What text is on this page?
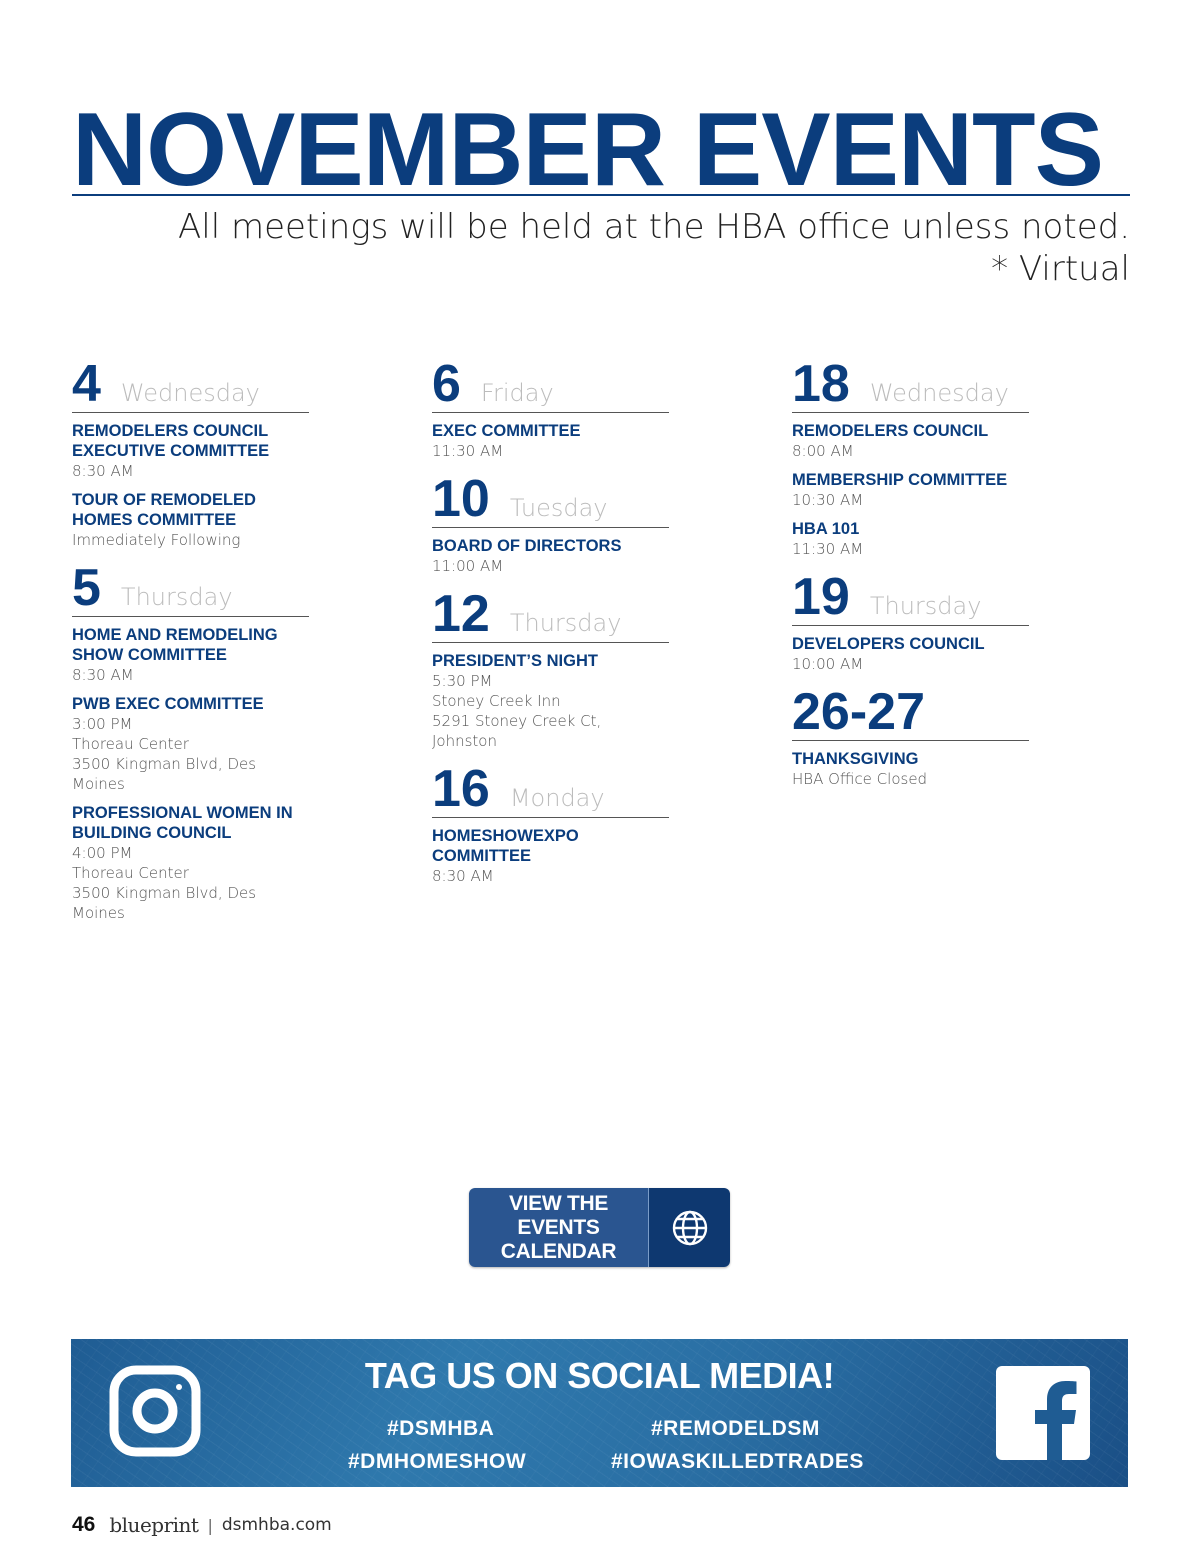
NOVEMBER EVENTS
All meetings will be held at the HBA office unless noted.
* Virtual
4 Wednesday
REMODELERS COUNCIL EXECUTIVE COMMITTEE
8:30 AM
TOUR OF REMODELED HOMES COMMITTEE
Immediately Following
5 Thursday
HOME AND REMODELING SHOW COMMITTEE
8:30 AM
PWB EXEC COMMITTEE
3:00 PM
Thoreau Center
3500 Kingman Blvd, Des Moines
PROFESSIONAL WOMEN IN BUILDING COUNCIL
4:00 PM
Thoreau Center
3500 Kingman Blvd, Des Moines
6 Friday
EXEC COMMITTEE
11:30 AM
10 Tuesday
BOARD OF DIRECTORS
11:00 AM
12 Thursday
PRESIDENT’S NIGHT
5:30 PM
Stoney Creek Inn
5291 Stoney Creek Ct, Johnston
16 Monday
HOMESHOWEXPO COMMITTEE
8:30 AM
18 Wednesday
REMODELERS COUNCIL
8:00 AM
MEMBERSHIP COMMITTEE
10:30 AM
HBA 101
11:30 AM
19 Thursday
DEVELOPERS COUNCIL
10:00 AM
26-27
THANKSGIVING
HBA Office Closed
VIEW THE EVENTS CALENDAR
TAG US ON SOCIAL MEDIA!
#DSMHBA	#REMODELDSM
#DMHOMESHOW	#IOWASKILLEDTRADES
46 blueprint | dsmhba.com
